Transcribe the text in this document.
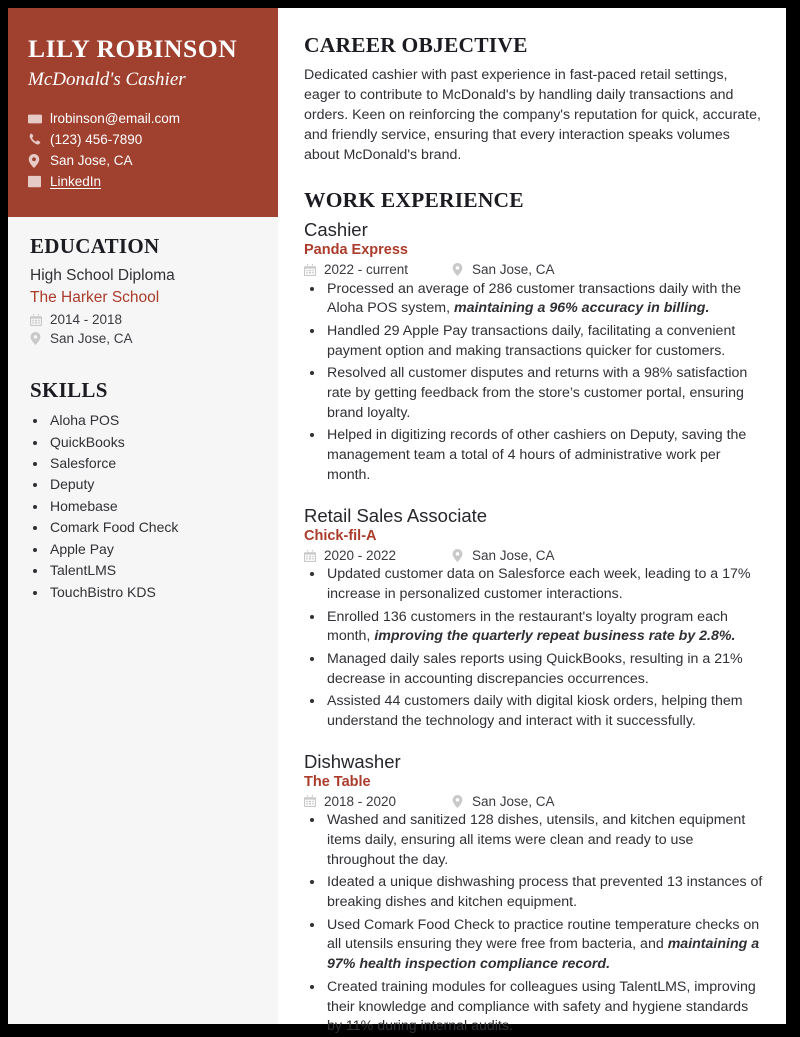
LILY ROBINSON
McDonald's Cashier
lrobinson@email.com
(123) 456-7890
San Jose, CA
LinkedIn
EDUCATION
High School Diploma
The Harker School
2014 - 2018
San Jose, CA
SKILLS
• Aloha POS
• QuickBooks
• Salesforce
• Deputy
• Homebase
• Comark Food Check
• Apple Pay
• TalentLMS
• TouchBistro KDS
CAREER OBJECTIVE

Dedicated cashier with past experience in fast-paced retail settings, eager to contribute to McDonald's by handling daily transactions and orders. Keen on reinforcing the company's reputation for quick, accurate, and friendly service, ensuring that every interaction speaks volumes about McDonald's brand.

WORK EXPERIENCE
Cashier
Panda Express
2022 - current	San Jose, CA
• Processed an average of 286 customer transactions daily with the Aloha POS system, maintaining a 96% accuracy in billing.
• Handled 29 Apple Pay transactions daily, facilitating a convenient payment option and making transactions quicker for customers.
• Resolved all customer disputes and returns with a 98% satisfaction rate by getting feedback from the store’s customer portal, ensuring brand loyalty.
• Helped in digitizing records of other cashiers on Deputy, saving the management team a total of 4 hours of administrative work per month.
Retail Sales Associate
Chick-fil-A
2020 - 2022	San Jose, CA
• Updated customer data on Salesforce each week, leading to a 17% increase in personalized customer interactions.
• Enrolled 136 customers in the restaurant's loyalty program each month, improving the quarterly repeat business rate by 2.8%.
• Managed daily sales reports using QuickBooks, resulting in a 21% decrease in accounting discrepancies occurrences.
• Assisted 44 customers daily with digital kiosk orders, helping them understand the technology and interact with it successfully.
Dishwasher
The Table
2018 - 2020	San Jose, CA
• Washed and sanitized 128 dishes, utensils, and kitchen equipment items daily, ensuring all items were clean and ready to use throughout the day.
• Ideated a unique dishwashing process that prevented 13 instances of breaking dishes and kitchen equipment.
• Used Comark Food Check to practice routine temperature checks on all utensils ensuring they were free from bacteria, and maintaining a 97% health inspection compliance record.
• Created training modules for colleagues using TalentLMS, improving their knowledge and compliance with safety and hygiene standards by 11% during internal audits.
